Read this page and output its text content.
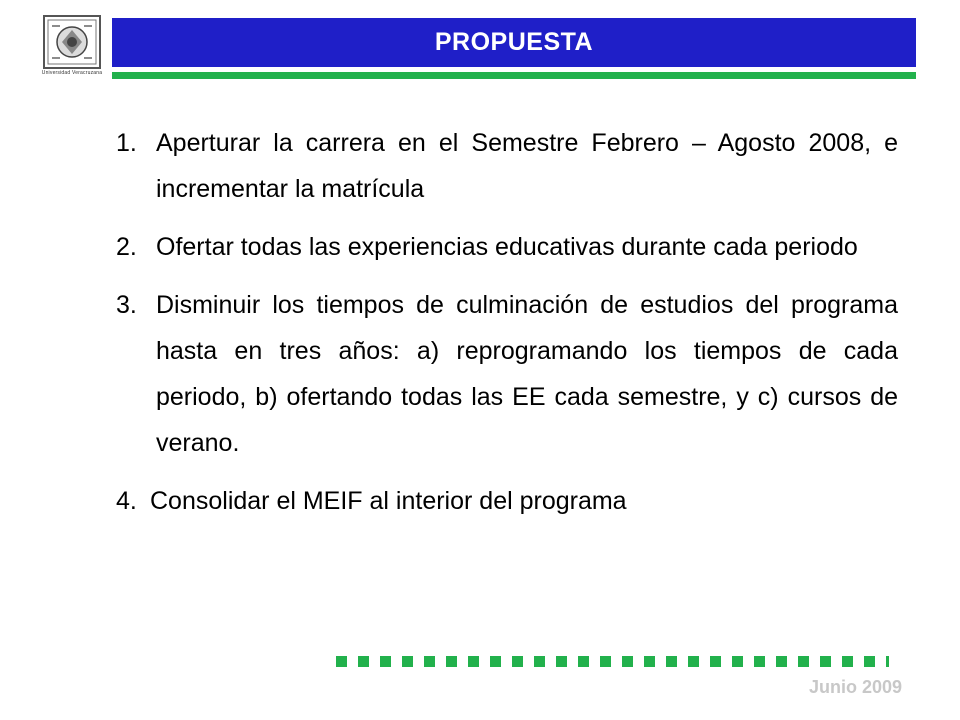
Universidad Veracruzana
PROPUESTA
1. Aperturar la carrera en el Semestre Febrero – Agosto 2008, e incrementar la matrícula
2. Ofertar todas las experiencias educativas durante cada periodo
3. Disminuir los tiempos de culminación de estudios del programa hasta en tres años: a) reprogramando los tiempos de cada periodo, b) ofertando todas las EE cada semestre, y c) cursos de verano.
4. Consolidar el MEIF al interior del programa
Junio 2009
